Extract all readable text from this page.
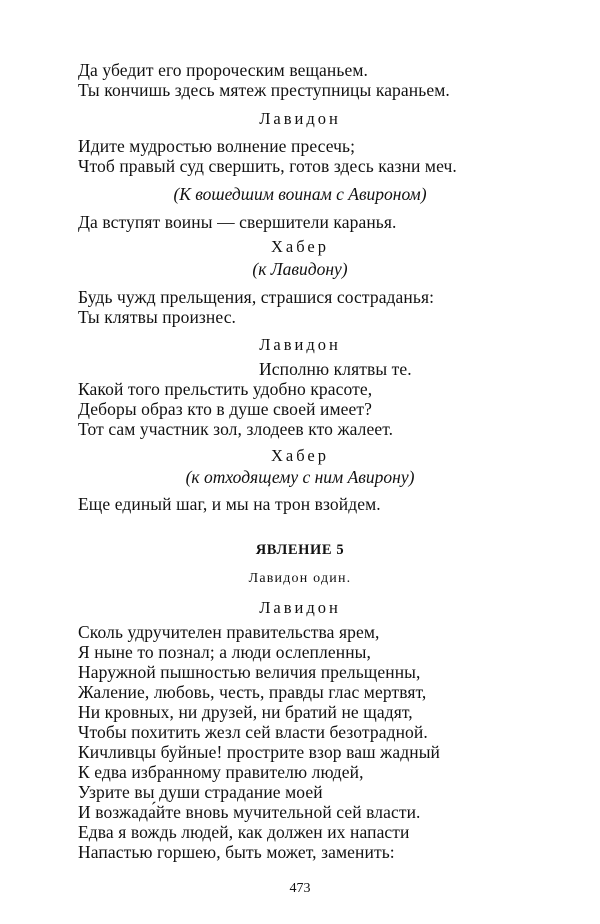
Да убедит его пророческим вещаньем.
Ты кончишь здесь мятеж преступницы караньем.
Лавидон
Идите мудростью волнение пресечь;
Чтоб правый суд свершить, готов здесь казни меч.
(К вошедшим воинам с Авироном)
Да вступят воины — свершители каранья.
Хабер
(к Лавидону)
Будь чужд прельщения, страшися состраданья:
Ты клятвы произнес.
Лавидон
Исполню клятвы те.
Какой того прельстить удобно красоте,
Деборы образ кто в душе своей имеет?
Тот сам участник зол, злодеев кто жалеет.
Хабер
(к отходящему с ним Авирону)
Еще единый шаг, и мы на трон взойдем.
ЯВЛЕНИЕ 5
Лавидон один.
Лавидон
Сколь удручителен правительства ярем,
Я ныне то познал; а люди ослепленны,
Наружной пышностью величия прельщенны,
Жаление, любовь, честь, правды глас мертвят,
Ни кровных, ни друзей, ни братий не щадят,
Чтобы похитить жезл сей власти безотрадной.
Кичливцы буйные! прострите взор ваш жадный
К едва избранному правителю людей,
Узрите вы души страдание моей
И возжада́йте вновь мучительной сей власти.
Едва я вождь людей, как должен их напасти
Напастью горшею, быть может, заменить:
473
